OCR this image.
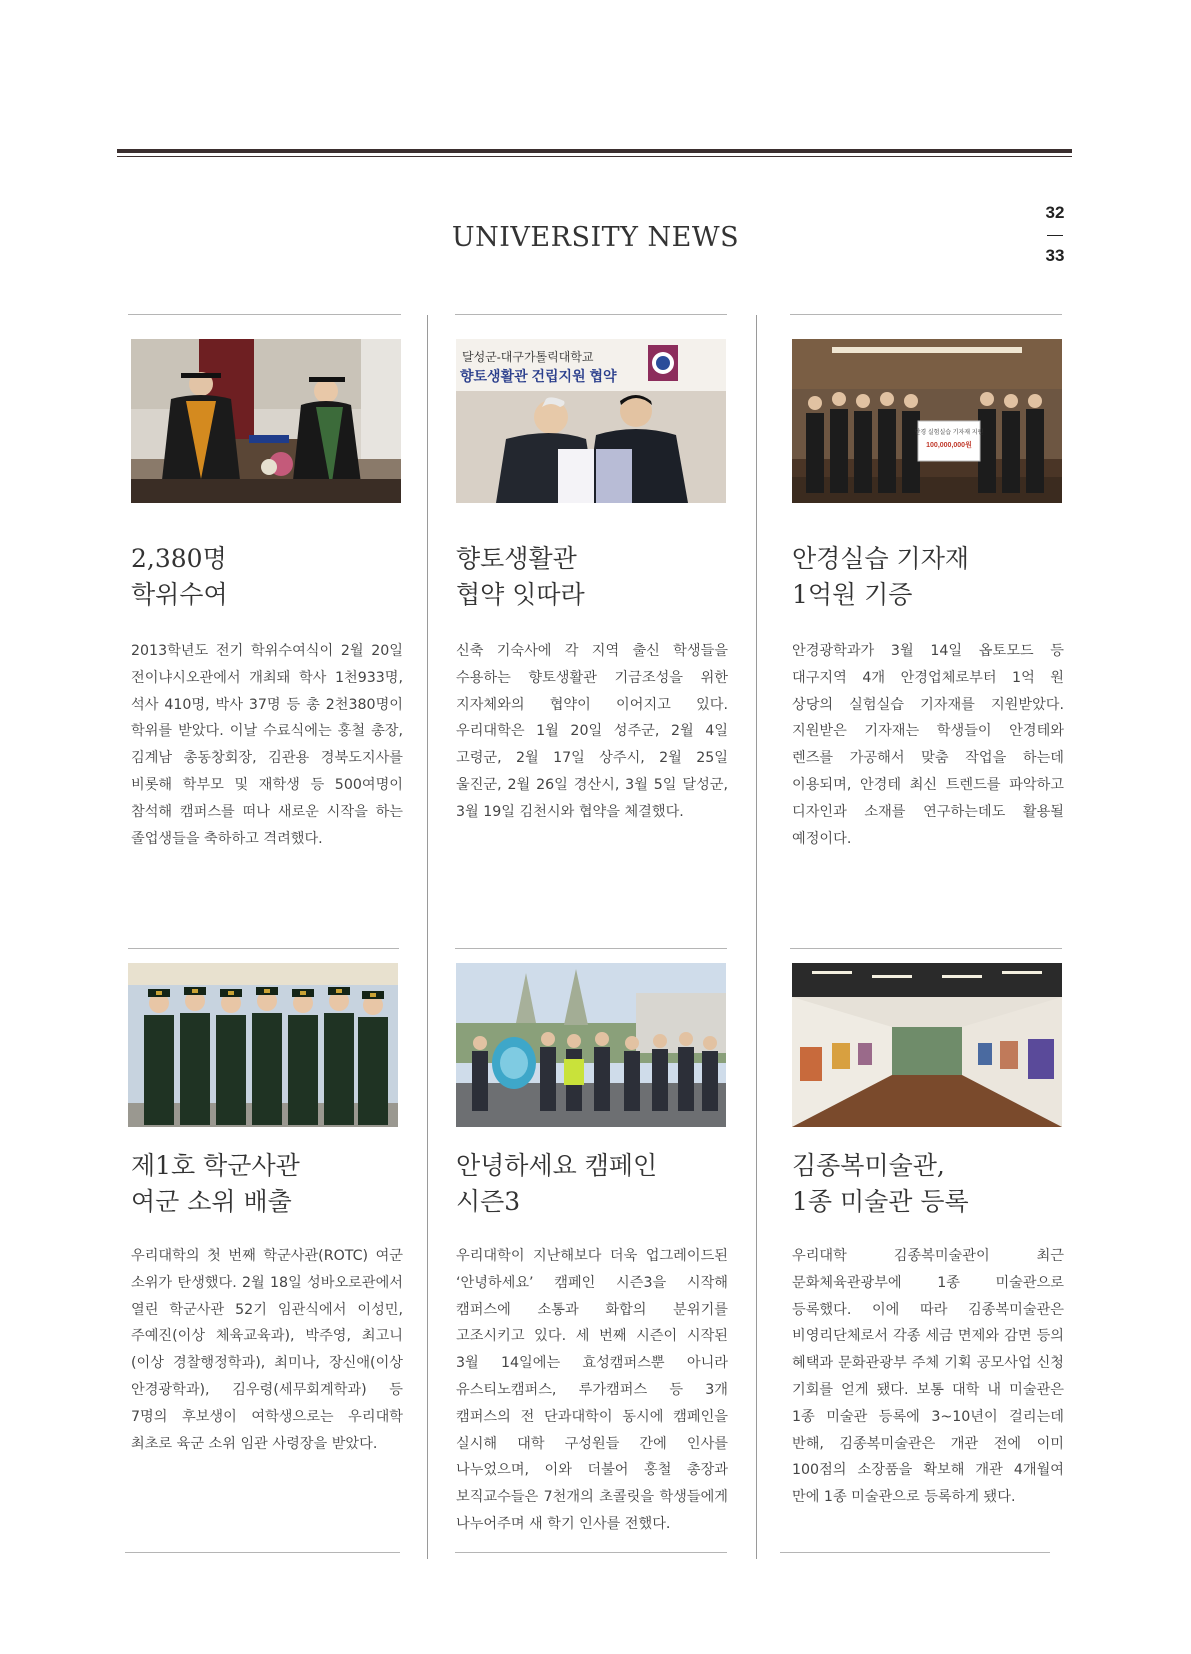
UNIVERSITY NEWS
32
33
2,380명
학위수여
2013학년도 전기 학위수여식이 2월 20일 전이냐시오관에서 개최돼 학사 1천933명, 석사 410명, 박사 37명 등 총 2천380명이 학위를 받았다. 이날 수료식에는 홍철 총장, 김계남 총동창회장, 김관용 경북도지사를 비롯해 학부모 및 재학생 등 500여명이 참석해 캠퍼스를 떠나 새로운 시작을 하는 졸업생들을 축하하고 격려했다.
달성군-대구가톨릭대학교
향토생활관 건립지원 협약
향토생활관
협약 잇따라
신축 기숙사에 각 지역 출신 학생들을 수용하는 향토생활관 기금조성을 위한 지자체와의 협약이 이어지고 있다. 우리대학은 1월 20일 성주군, 2월 4일 고령군, 2월 17일 상주시, 2월 25일 울진군, 2월 26일 경산시, 3월 5일 달성군, 3월 19일 김천시와 협약을 체결했다.
안경 실험실습 기자재 지원
100,000,000원
안경실습 기자재
1억원 기증
안경광학과가 3월 14일 옵토모드 등 대구지역 4개 안경업체로부터 1억 원 상당의 실험실습 기자재를 지원받았다. 지원받은 기자재는 학생들이 안경테와 렌즈를 가공해서 맞춤 작업을 하는데 이용되며, 안경테 최신 트렌드를 파악하고 디자인과 소재를 연구하는데도 활용될 예정이다.
제1호 학군사관
여군 소위 배출
우리대학의 첫 번째 학군사관(ROTC) 여군 소위가 탄생했다. 2월 18일 성바오로관에서 열린 학군사관 52기 임관식에서 이성민, 주예진(이상 체육교육과), 박주영, 최고니(이상 경찰행정학과), 최미나, 장신애(이상 안경광학과), 김우령(세무회계학과) 등 7명의 후보생이 여학생으로는 우리대학 최초로 육군 소위 임관 사령장을 받았다.
안녕하세요 캠페인
시즌3
우리대학이 지난해보다 더욱 업그레이드된 ‘안녕하세요’ 캠페인 시즌3을 시작해 캠퍼스에 소통과 화합의 분위기를 고조시키고 있다. 세 번째 시즌이 시작된 3월 14일에는 효성캠퍼스뿐 아니라 유스티노캠퍼스, 루가캠퍼스 등 3개 캠퍼스의 전 단과대학이 동시에 캠페인을 실시해 대학 구성원들 간에 인사를 나누었으며, 이와 더불어 홍철 총장과 보직교수들은 7천개의 초콜릿을 학생들에게 나누어주며 새 학기 인사를 전했다.
김종복미술관,
1종 미술관 등록
우리대학 김종복미술관이 최근 문화체육관광부에 1종 미술관으로 등록했다. 이에 따라 김종복미술관은 비영리단체로서 각종 세금 면제와 감면 등의 혜택과 문화관광부 주체 기획 공모사업 신청 기회를 얻게 됐다. 보통 대학 내 미술관은 1종 미술관 등록에 3~10년이 걸리는데 반해, 김종복미술관은 개관 전에 이미 100점의 소장품을 확보해 개관 4개월여 만에 1종 미술관으로 등록하게 됐다.
